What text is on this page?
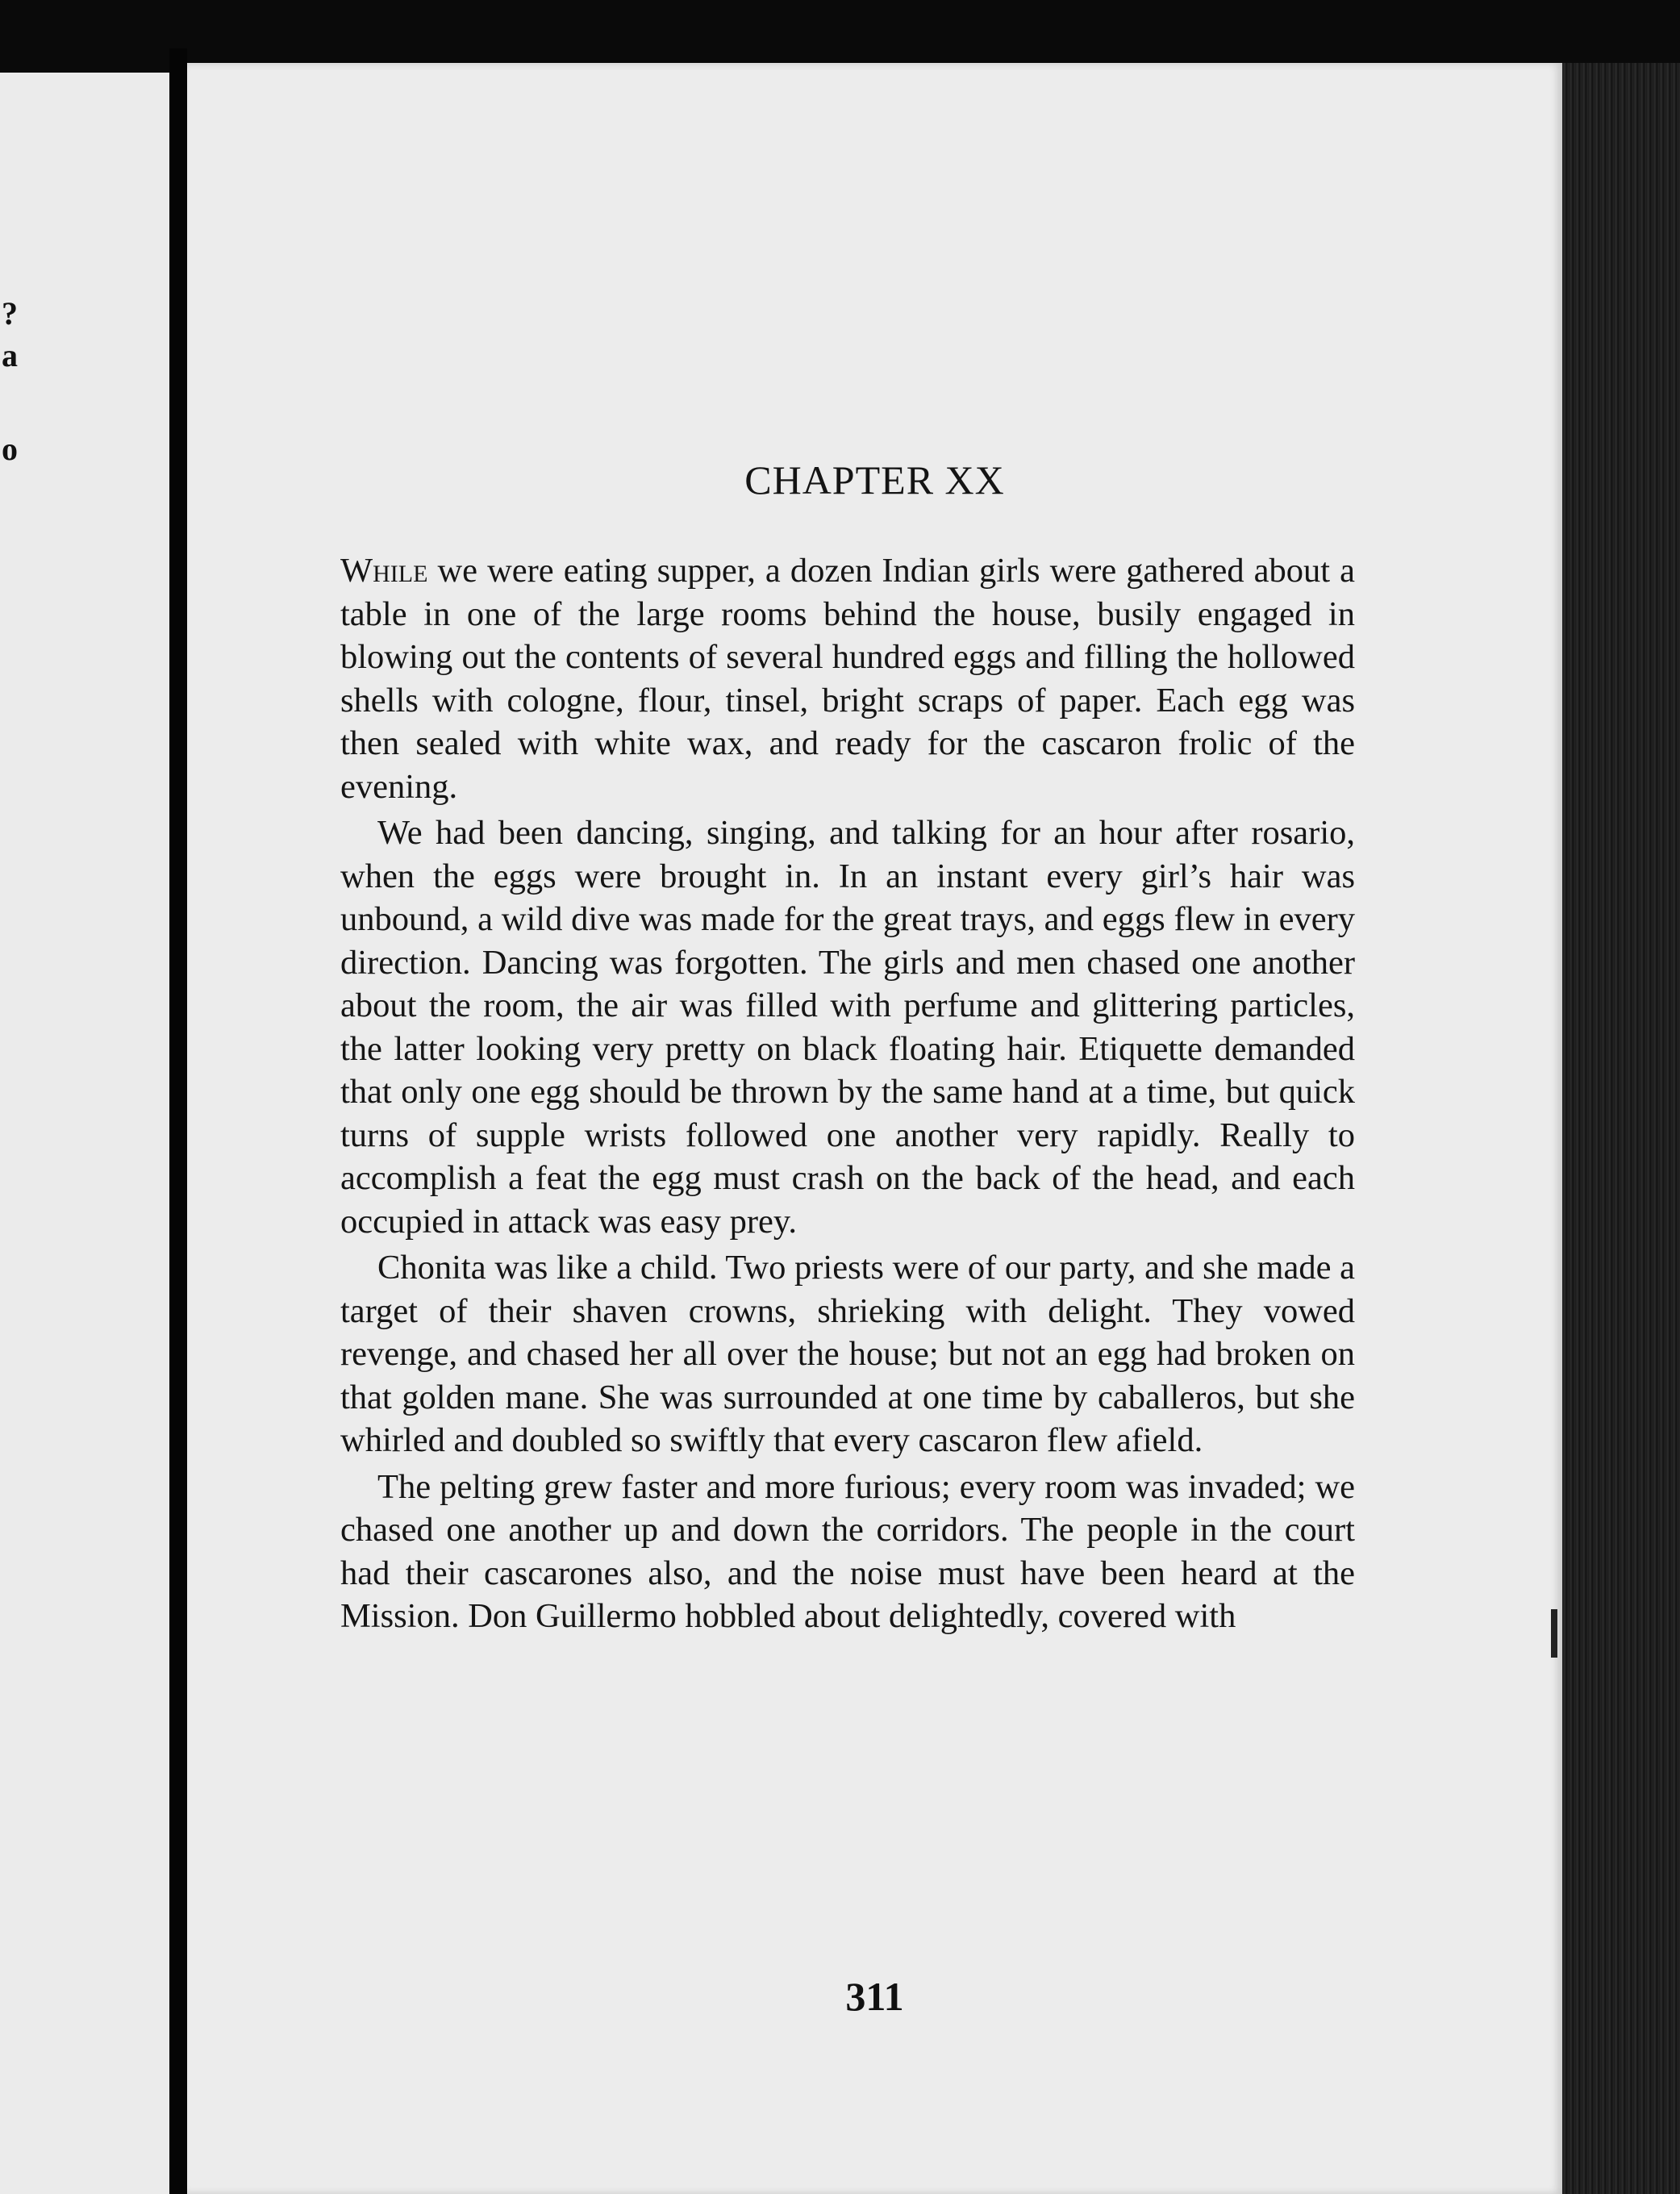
?
a
o
CHAPTER XX

While we were eating supper, a dozen Indian girls were gathered about a table in one of the large rooms behind the house, busily engaged in blowing out the contents of several hundred eggs and filling the hollowed shells with cologne, flour, tinsel, bright scraps of paper. Each egg was then sealed with white wax, and ready for the cascaron frolic of the evening.

We had been dancing, singing, and talking for an hour after rosario, when the eggs were brought in. In an instant every girl’s hair was unbound, a wild dive was made for the great trays, and eggs flew in every direction. Dancing was forgotten. The girls and men chased one another about the room, the air was filled with perfume and glittering particles, the latter looking very pretty on black floating hair. Etiquette demanded that only one egg should be thrown by the same hand at a time, but quick turns of supple wrists followed one another very rapidly. Really to accomplish a feat the egg must crash on the back of the head, and each occupied in attack was easy prey.

Chonita was like a child. Two priests were of our party, and she made a target of their shaven crowns, shrieking with delight. They vowed revenge, and chased her all over the house; but not an egg had broken on that golden mane. She was surrounded at one time by caballeros, but she whirled and doubled so swiftly that every cascaron flew afield.

The pelting grew faster and more furious; every room was invaded; we chased one another up and down the corridors. The people in the court had their cascarones also, and the noise must have been heard at the Mission. Don Guillermo hobbled about delightedly, covered with

311
